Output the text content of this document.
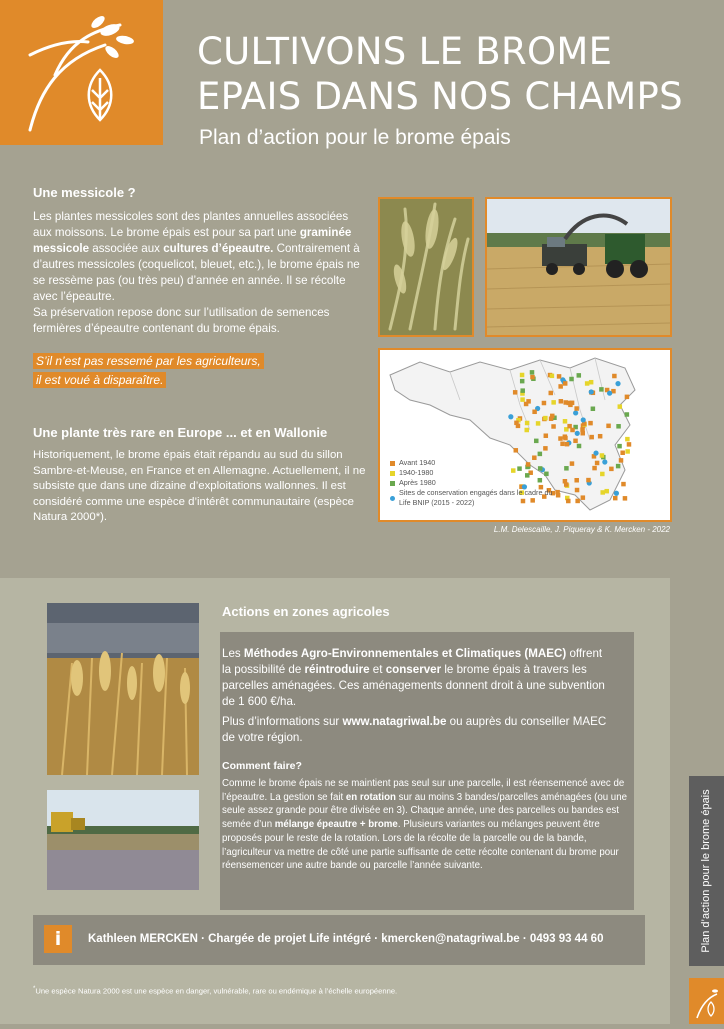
CULTIVONS LE BROME
EPAIS DANS NOS CHAMPS
Plan d’action pour le brome épais
Une messicole ?
Les plantes messicoles sont des plantes annuelles associées aux moissons. Le brome épais est pour sa part une graminée messicole associée aux cultures d’épeautre. Contrairement à d’autres messicoles (coquelicot, bleuet, etc.), le brome épais ne se ressème pas (ou très peu) d’année en année. Il se récolte avec l’épeautre.
Sa préservation repose donc sur l’utilisation de semences fermières d’épeautre contenant du brome épais.
S’il n’est pas ressemé par les agriculteurs,
il est voué à disparaître.
Une plante très rare en Europe ... et en Wallonie
Historiquement, le brome épais était répandu au sud du sillon Sambre-et-Meuse, en France et en Allemagne. Actuellement, il ne subsiste que dans une dizaine d’exploitations wallonnes. Il est considéré comme une espèce d’intérêt communautaire (espèce Natura 2000*).
Avant 1940
1940-1980
Après 1980
Sites de conservation engagés dans le cadre du Life BNIP (2015 - 2022)
L.M. Delescaille, J. Piqueray & K. Mercken - 2022
Actions en zones agricoles
Les Méthodes Agro-Environnementales et Climatiques (MAEC) offrent la possibilité de réintroduire et conserver le brome épais à travers les parcelles aménagées. Ces aménagements donnent droit à une subvention de 1 600 €/ha.
Plus d’informations sur www.natagriwal.be ou auprès du conseiller MAEC de votre région.
Comment faire?
Comme le brome épais ne se maintient pas seul sur une parcelle, il est réensemencé avec de l’épeautre. La gestion se fait en rotation sur au moins 3 bandes/parcelles aménagées (ou une seule assez grande pour être divisée en 3). Chaque année, une des parcelles ou bandes est semée d’un mélange épeautre + brome. Plusieurs variantes ou mélanges peuvent être proposés pour le reste de la rotation. Lors de la récolte de la parcelle ou de la bande, l’agriculteur va mettre de côté une partie suffisante de cette récolte contenant du brome pour réensemencer une autre bande ou parcelle l’année suivante.
i	Kathleen MERCKEN · Chargée de projet Life intégré · kmercken@natagriwal.be · 0493 93 44 60
*Une espèce Natura 2000 est une espèce en danger, vulnérable, rare ou endémique à l’échelle européenne.
Plan d’action pour le brome épais
